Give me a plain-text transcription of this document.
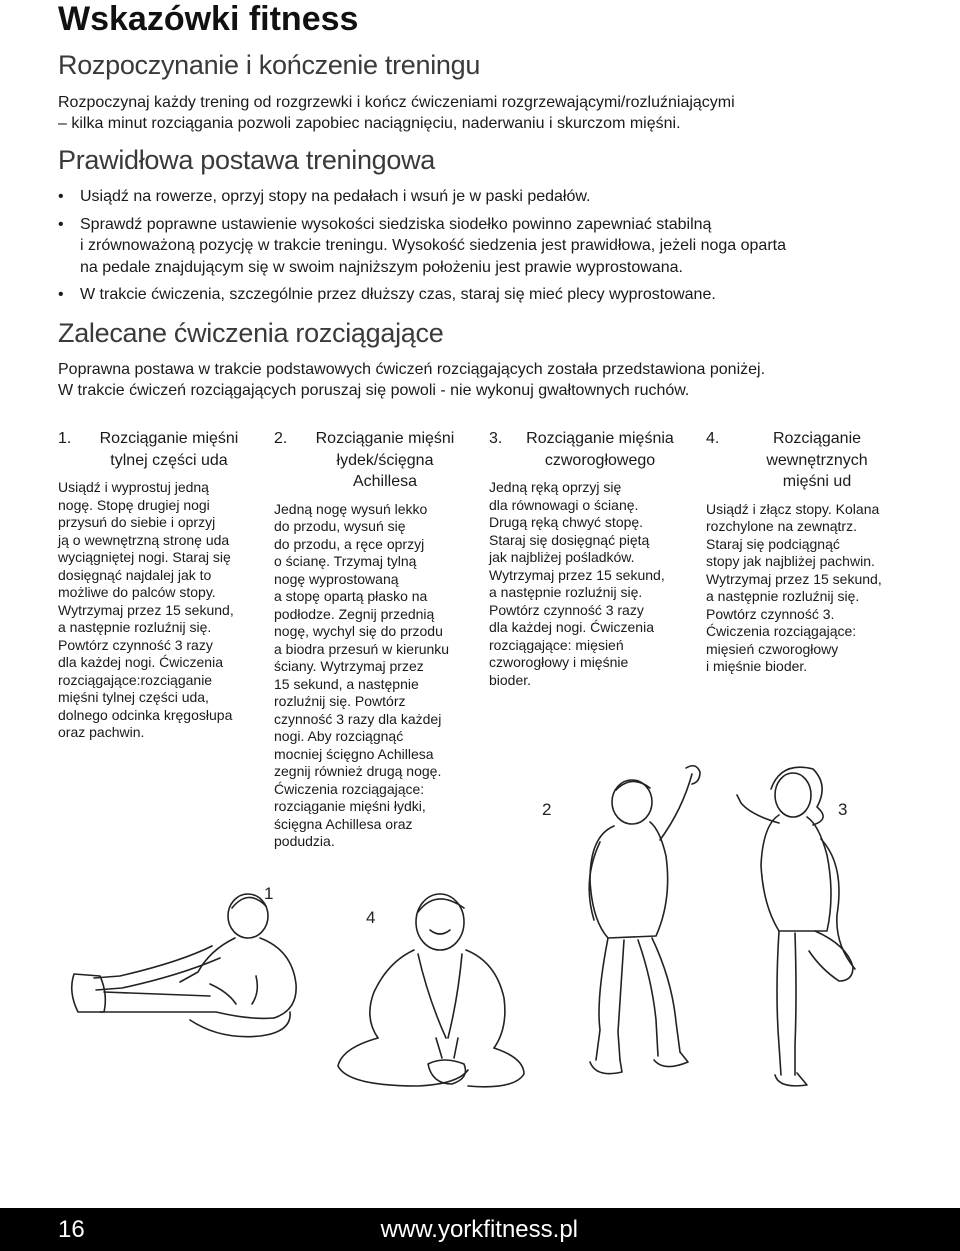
Wskazówki fitness
Rozpoczynanie i kończenie treningu

Rozpoczynaj każdy trening od rozgrzewki i kończ ćwiczeniami rozgrzewającymi/rozluźniającymi
– kilka minut rozciągania pozwoli zapobiec naciągnięciu, naderwaniu i skurczom mięśni.

Prawidłowa postawa treningowa
• Usiądź na rowerze, oprzyj stopy na pedałach i wsuń je w paski pedałów.
• Sprawdź poprawne ustawienie wysokości siedziska siodełko powinno zapewniać stabilną
i zrównoważoną pozycję w trakcie treningu. Wysokość siedzenia jest prawidłowa, jeżeli noga oparta
na pedale znajdującym się w swoim najniższym położeniu jest prawie wyprostowana.
• W trakcie ćwiczenia, szczególnie przez dłuższy czas, staraj się mieć plecy wyprostowane.
Zalecane ćwiczenia rozciągające

Poprawna postawa w trakcie podstawowych ćwiczeń rozciągających została przedstawiona poniżej.
W trakcie ćwiczeń rozciągających poruszaj się powoli - nie wykonuj gwałtownych ruchów.

1.	Rozciąganie mięśni
tylnej części uda

Usiądź i wyprostuj jedną
nogę. Stopę drugiej nogi
przysuń do siebie i oprzyj
ją o wewnętrzną stronę uda
wyciągniętej nogi. Staraj się
dosięgnąć najdalej jak to
możliwe do palców stopy.
Wytrzymaj przez 15 sekund,
a następnie rozluźnij się.
Powtórz czynność 3 razy
dla każdej nogi. Ćwiczenia
rozciągające:rozciąganie
mięśni tylnej części uda,
dolnego odcinka kręgosłupa
oraz pachwin.

2.	Rozciąganie mięśni
łydek/ścięgna
Achillesa

Jedną nogę wysuń lekko
do przodu, wysuń się
do przodu, a ręce oprzyj
o ścianę. Trzymaj tylną
nogę wyprostowaną
a stopę opartą płasko na
podłodze. Zegnij przednią
nogę, wychyl się do przodu
a biodra przesuń w kierunku
ściany. Wytrzymaj przez
15 sekund, a następnie
rozluźnij się. Powtórz
czynność 3 razy dla każdej
nogi. Aby rozciągnąć
mocniej ścięgno Achillesa
zegnij również drugą nogę.
Ćwiczenia rozciągające:
rozciąganie mięśni łydki,
ścięgna Achillesa oraz
podudzia.

3.	Rozciąganie mięśnia
czworogłowego

Jedną ręką oprzyj się
dla równowagi o ścianę.
Drugą ręką chwyć stopę.
Staraj się dosięgnąć piętą
jak najbliżej pośladków.
Wytrzymaj przez 15 sekund,
a następnie rozluźnij się.
Powtórz czynność 3 razy
dla każdej nogi. Ćwiczenia
rozciągające: mięsień
czworogłowy i mięśnie
bioder.

4.	Rozciąganie
wewnętrznych
mięśni ud

Usiądź i złącz stopy. Kolana
rozchylone na zewnątrz.
Staraj się podciągnąć
stopy jak najbliżej pachwin.
Wytrzymaj przez 15 sekund,
a następnie rozluźnij się.
Powtórz czynność 3.
Ćwiczenia rozciągające:
mięsień czworogłowy
i mięśnie bioder.

1
4
2	3
16	www.yorkfitness.pl
